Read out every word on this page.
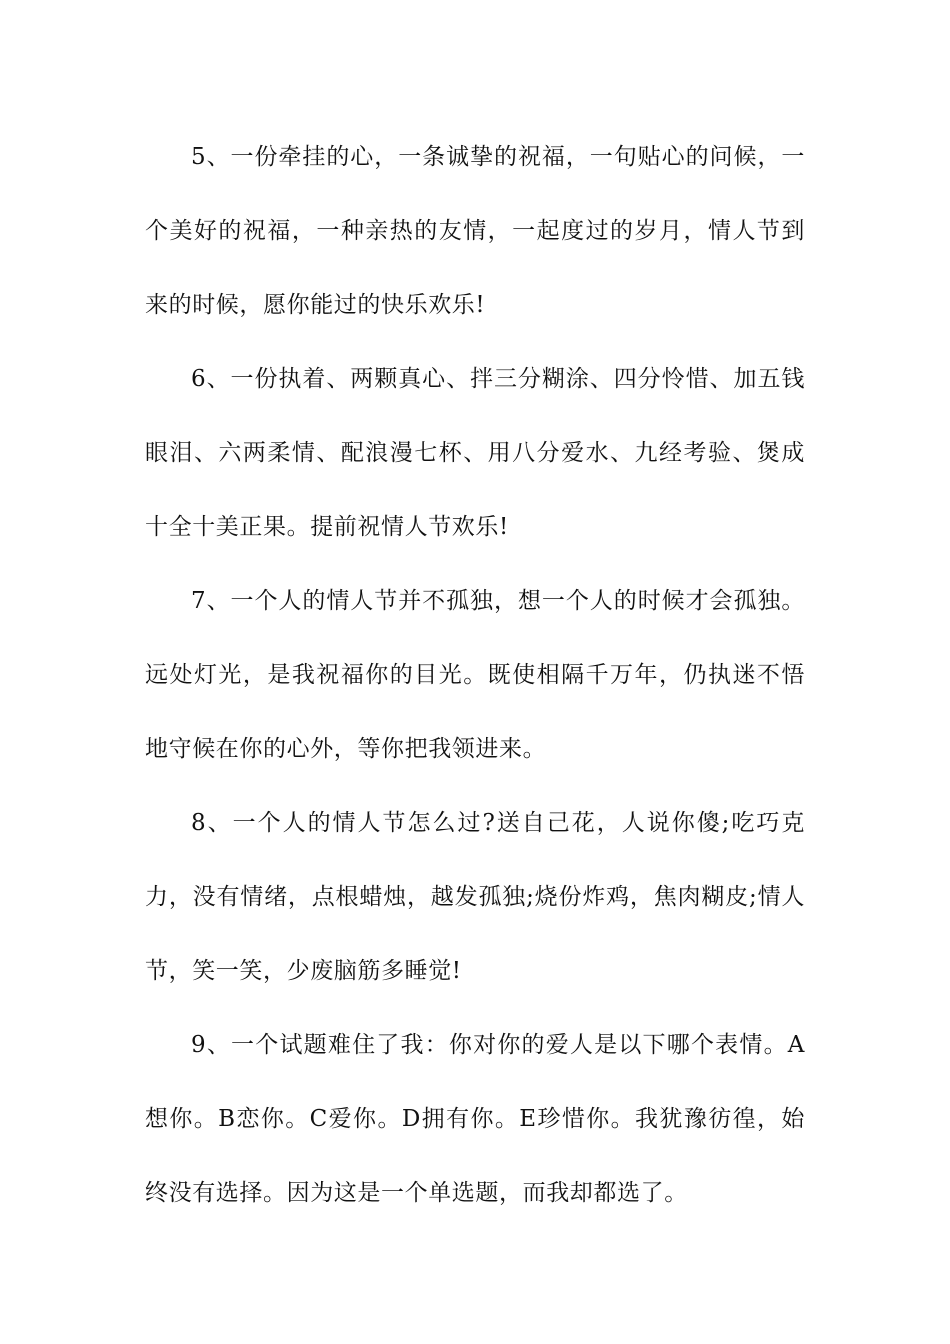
5、一份牵挂的心，一条诚挚的祝福，一句贴心的问候，一个美好的祝福，一种亲热的友情，一起度过的岁月，情人节到来的时候，愿你能过的快乐欢乐!

6、一份执着、两颗真心、拌三分糊涂、四分怜惜、加五钱眼泪、六两柔情、配浪漫七杯、用八分爱水、九经考验、煲成十全十美正果。提前祝情人节欢乐!

7、一个人的情人节并不孤独，想一个人的时候才会孤独。远处灯光，是我祝福你的目光。既使相隔千万年，仍执迷不悟地守候在你的心外，等你把我领进来。

8、一个人的情人节怎么过?送自己花，人说你傻;吃巧克力，没有情绪，点根蜡烛，越发孤独;烧份炸鸡，焦肉糊皮;情人节，笑一笑，少废脑筋多睡觉!

9、一个试题难住了我：你对你的爱人是以下哪个表情。A想你。B恋你。C爱你。D拥有你。E珍惜你。我犹豫彷徨，始终没有选择。因为这是一个单选题，而我却都选了。
